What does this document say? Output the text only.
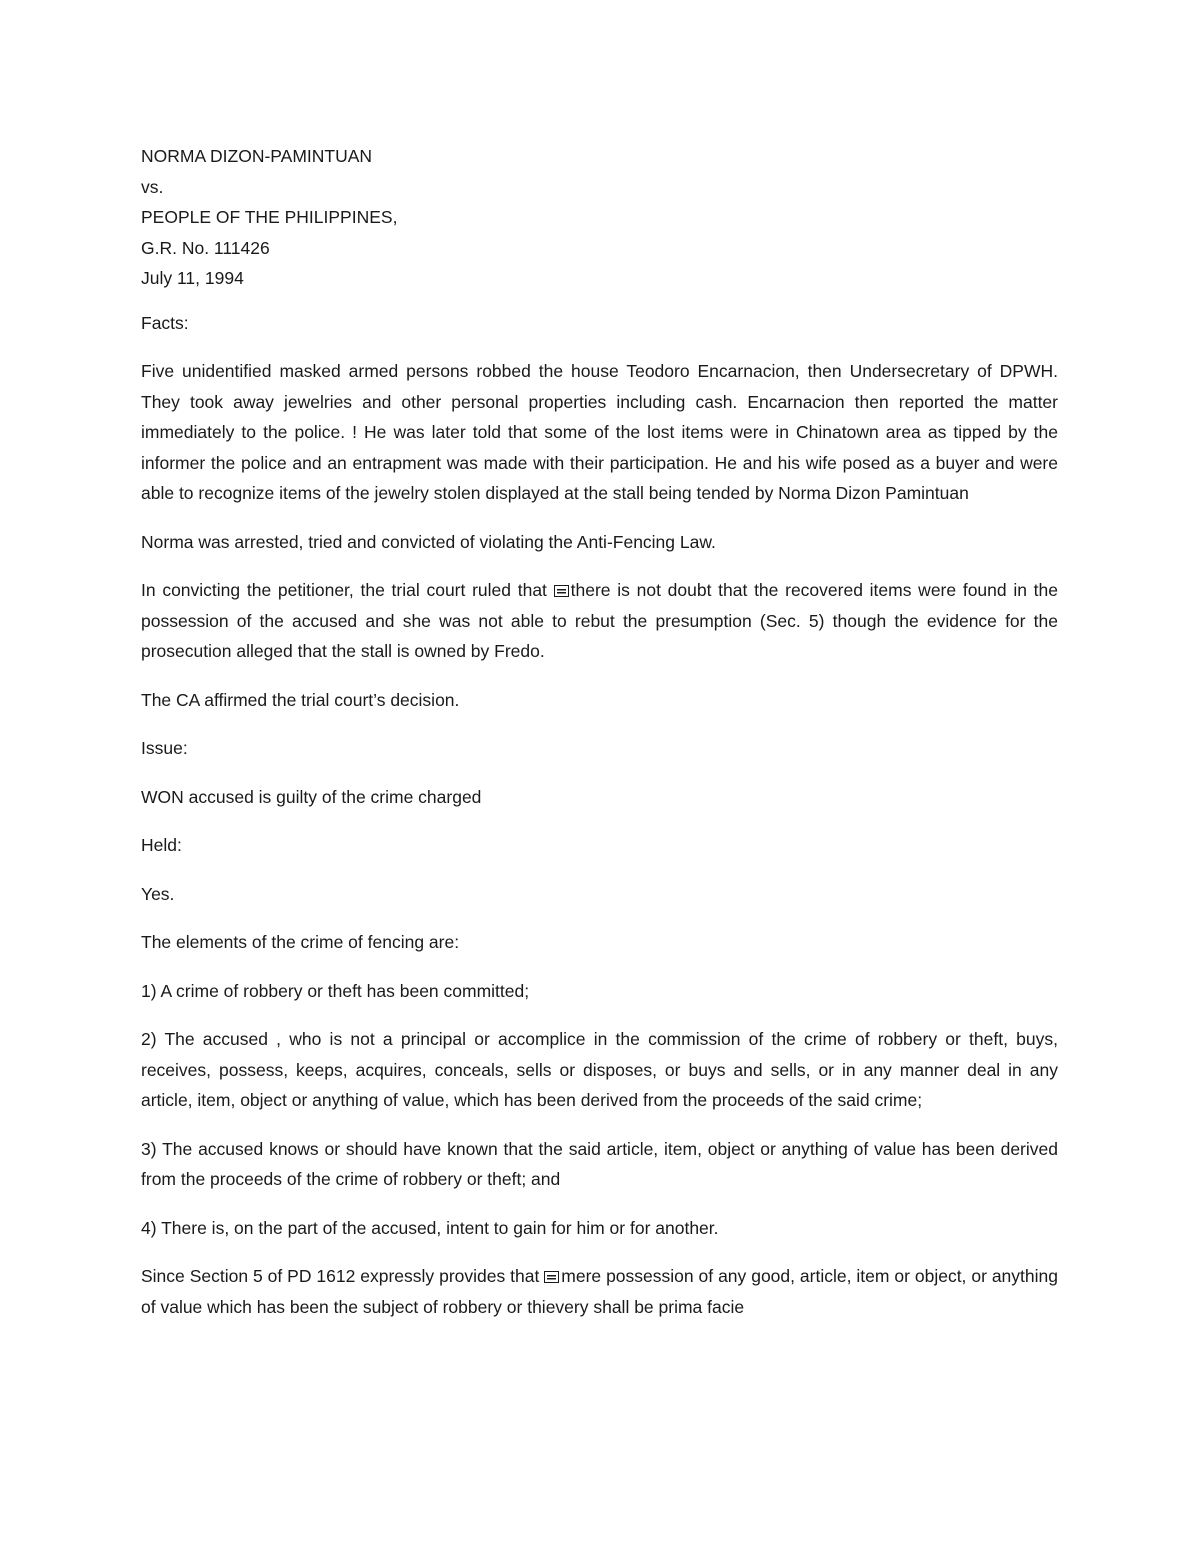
NORMA DIZON-PAMINTUAN

vs.

PEOPLE OF THE PHILIPPINES,

G.R. No. 111426

July 11, 1994

Facts:

Five unidentified masked armed persons robbed the house Teodoro Encarnacion, then Undersecretary of DPWH. They took away jewelries and other personal properties including cash. Encarnacion then reported the matter immediately to the police. ! He was later told that some of the lost items were in Chinatown area as tipped by the informer the police and an entrapment was made with their participation. He and his wife posed as a buyer and were able to recognize items of the jewelry stolen displayed at the stall being tended by Norma Dizon Pamintuan

Norma was arrested, tried and convicted of violating the Anti-Fencing Law.

In convicting the petitioner, the trial court ruled that there is not doubt that the recovered items were found in the possession of the accused and she was not able to rebut the presumption (Sec. 5) though the evidence for the prosecution alleged that the stall is owned by Fredo.

The CA affirmed the trial court’s decision.

Issue:

WON accused is guilty of the crime charged

Held:

Yes.

The elements of the crime of fencing are:

1) A crime of robbery or theft has been committed;

2) The accused , who is not a principal or accomplice in the commission of the crime of robbery or theft, buys, receives, possess, keeps, acquires, conceals, sells or disposes, or buys and sells, or in any manner deal in any article, item, object or anything of value, which has been derived from the proceeds of the said crime;

3) The accused knows or should have known that the said article, item, object or anything of value has been derived from the proceeds of the crime of robbery or theft; and

4) There is, on the part of the accused, intent to gain for him or for another.

Since Section 5 of PD 1612 expressly provides that mere possession of any good, article, item or object, or anything of value which has been the subject of robbery or thievery shall be prima facie
